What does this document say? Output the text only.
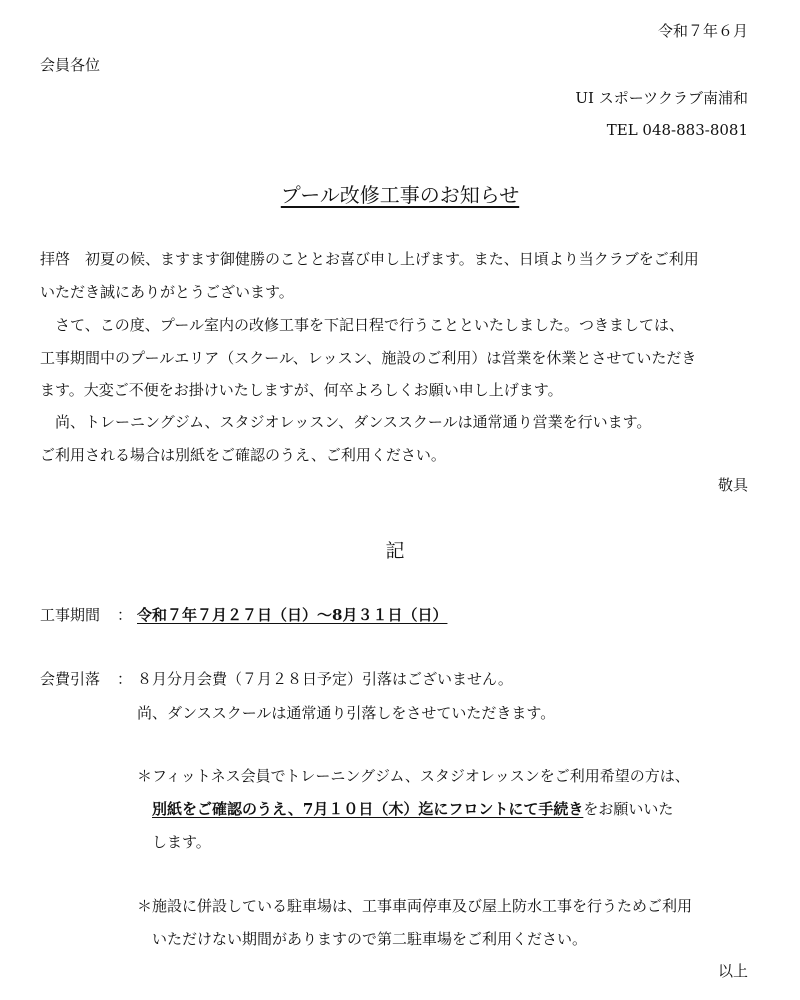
令和７年６月
会員各位
UI スポーツクラブ南浦和
TEL 048-883-8081
プール改修工事のお知らせ
拝啓　初夏の候、ますます御健勝のこととお喜び申し上げます。また、日頃より当クラブをご利用
いただき誠にありがとうございます。
　さて、この度、プール室内の改修工事を下記日程で行うことといたしました。つきましては、
工事期間中のプールエリア（スクール、レッスン、施設のご利用）は営業を休業とさせていただき
ます。大変ご不便をお掛けいたしますが、何卒よろしくお願い申し上げます。
　尚、トレーニングジム、スタジオレッスン、ダンススクールは通常通り営業を行います。
ご利用される場合は別紙をご確認のうえ、ご利用ください。
敬具
記
工事期間 ： 令和７年７月２７日（日）～8月３１日（日）
会費引落 ： ８月分月会費（７月２８日予定）引落はございません。
尚、ダンススクールは通常通り引落しをさせていただきます。
＊フィットネス会員でトレーニングジム、スタジオレッスンをご利用希望の方は、
別紙をご確認のうえ、7月１０日（木）迄にフロントにて手続きをお願いいた
します。
＊施設に併設している駐車場は、工事車両停車及び屋上防水工事を行うためご利用
いただけない期間がありますので第二駐車場をご利用ください。
以上
